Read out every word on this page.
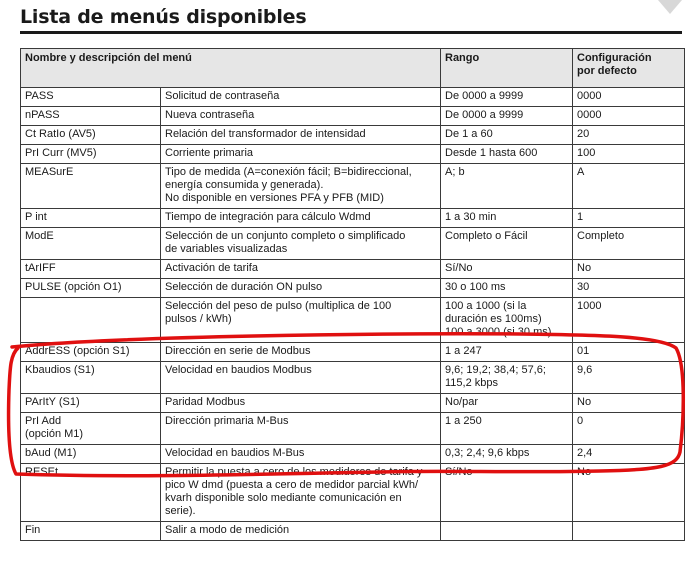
Lista de menús disponibles
Nombre y descripción del menú		Rango	Configuración
por defecto
PASS	Solicitud de contraseña	De 0000 a 9999	0000
nPASS	Nueva contraseña	De 0000 a 9999	0000
Ct RatIo (AV5)	Relación del transformador de intensidad	De 1 a 60	20
PrI Curr (MV5)	Corriente primaria	Desde 1 hasta 600	100
MEASurE	Tipo de medida (A=conexión fácil; B=bidireccional,
energía consumida y generada).
No disponible en versiones PFA y PFB (MID)	A; b	A
P int	Tiempo de integración para cálculo Wdmd	1 a 30 min	1
ModE	Selección de un conjunto completo o simplificado
de variables visualizadas	Completo o Fácil	Completo
tArIFF	Activación de tarifa	Sí/No	No
PULSE (opción O1)	Selección de duración ON pulso	30 o 100 ms	30
	Selección del peso de pulso (multiplica de 100
pulsos / kWh)	100 a 1000 (si la
duración es 100ms)
100 a 3000 (si 30 ms)	1000
AddrESS (opción S1)	Dirección en serie de Modbus	1 a 247	01
Kbaudios (S1)	Velocidad en baudios Modbus	9,6; 19,2; 38,4; 57,6;
115,2 kbps	9,6
PArItY (S1)	Paridad Modbus	No/par	No
PrI Add
(opción M1)	Dirección primaria M-Bus	1 a 250	0
bAud (M1)	Velocidad en baudios M-Bus	0,3; 2,4; 9,6 kbps	2,4
RESEt	Permitir la puesta a cero de los medidores de tarifa y
pico W dmd (puesta a cero de medidor parcial kWh/
kvarh disponible solo mediante comunicación en
serie).	Sí/No	No
Fin	Salir a modo de medición		
